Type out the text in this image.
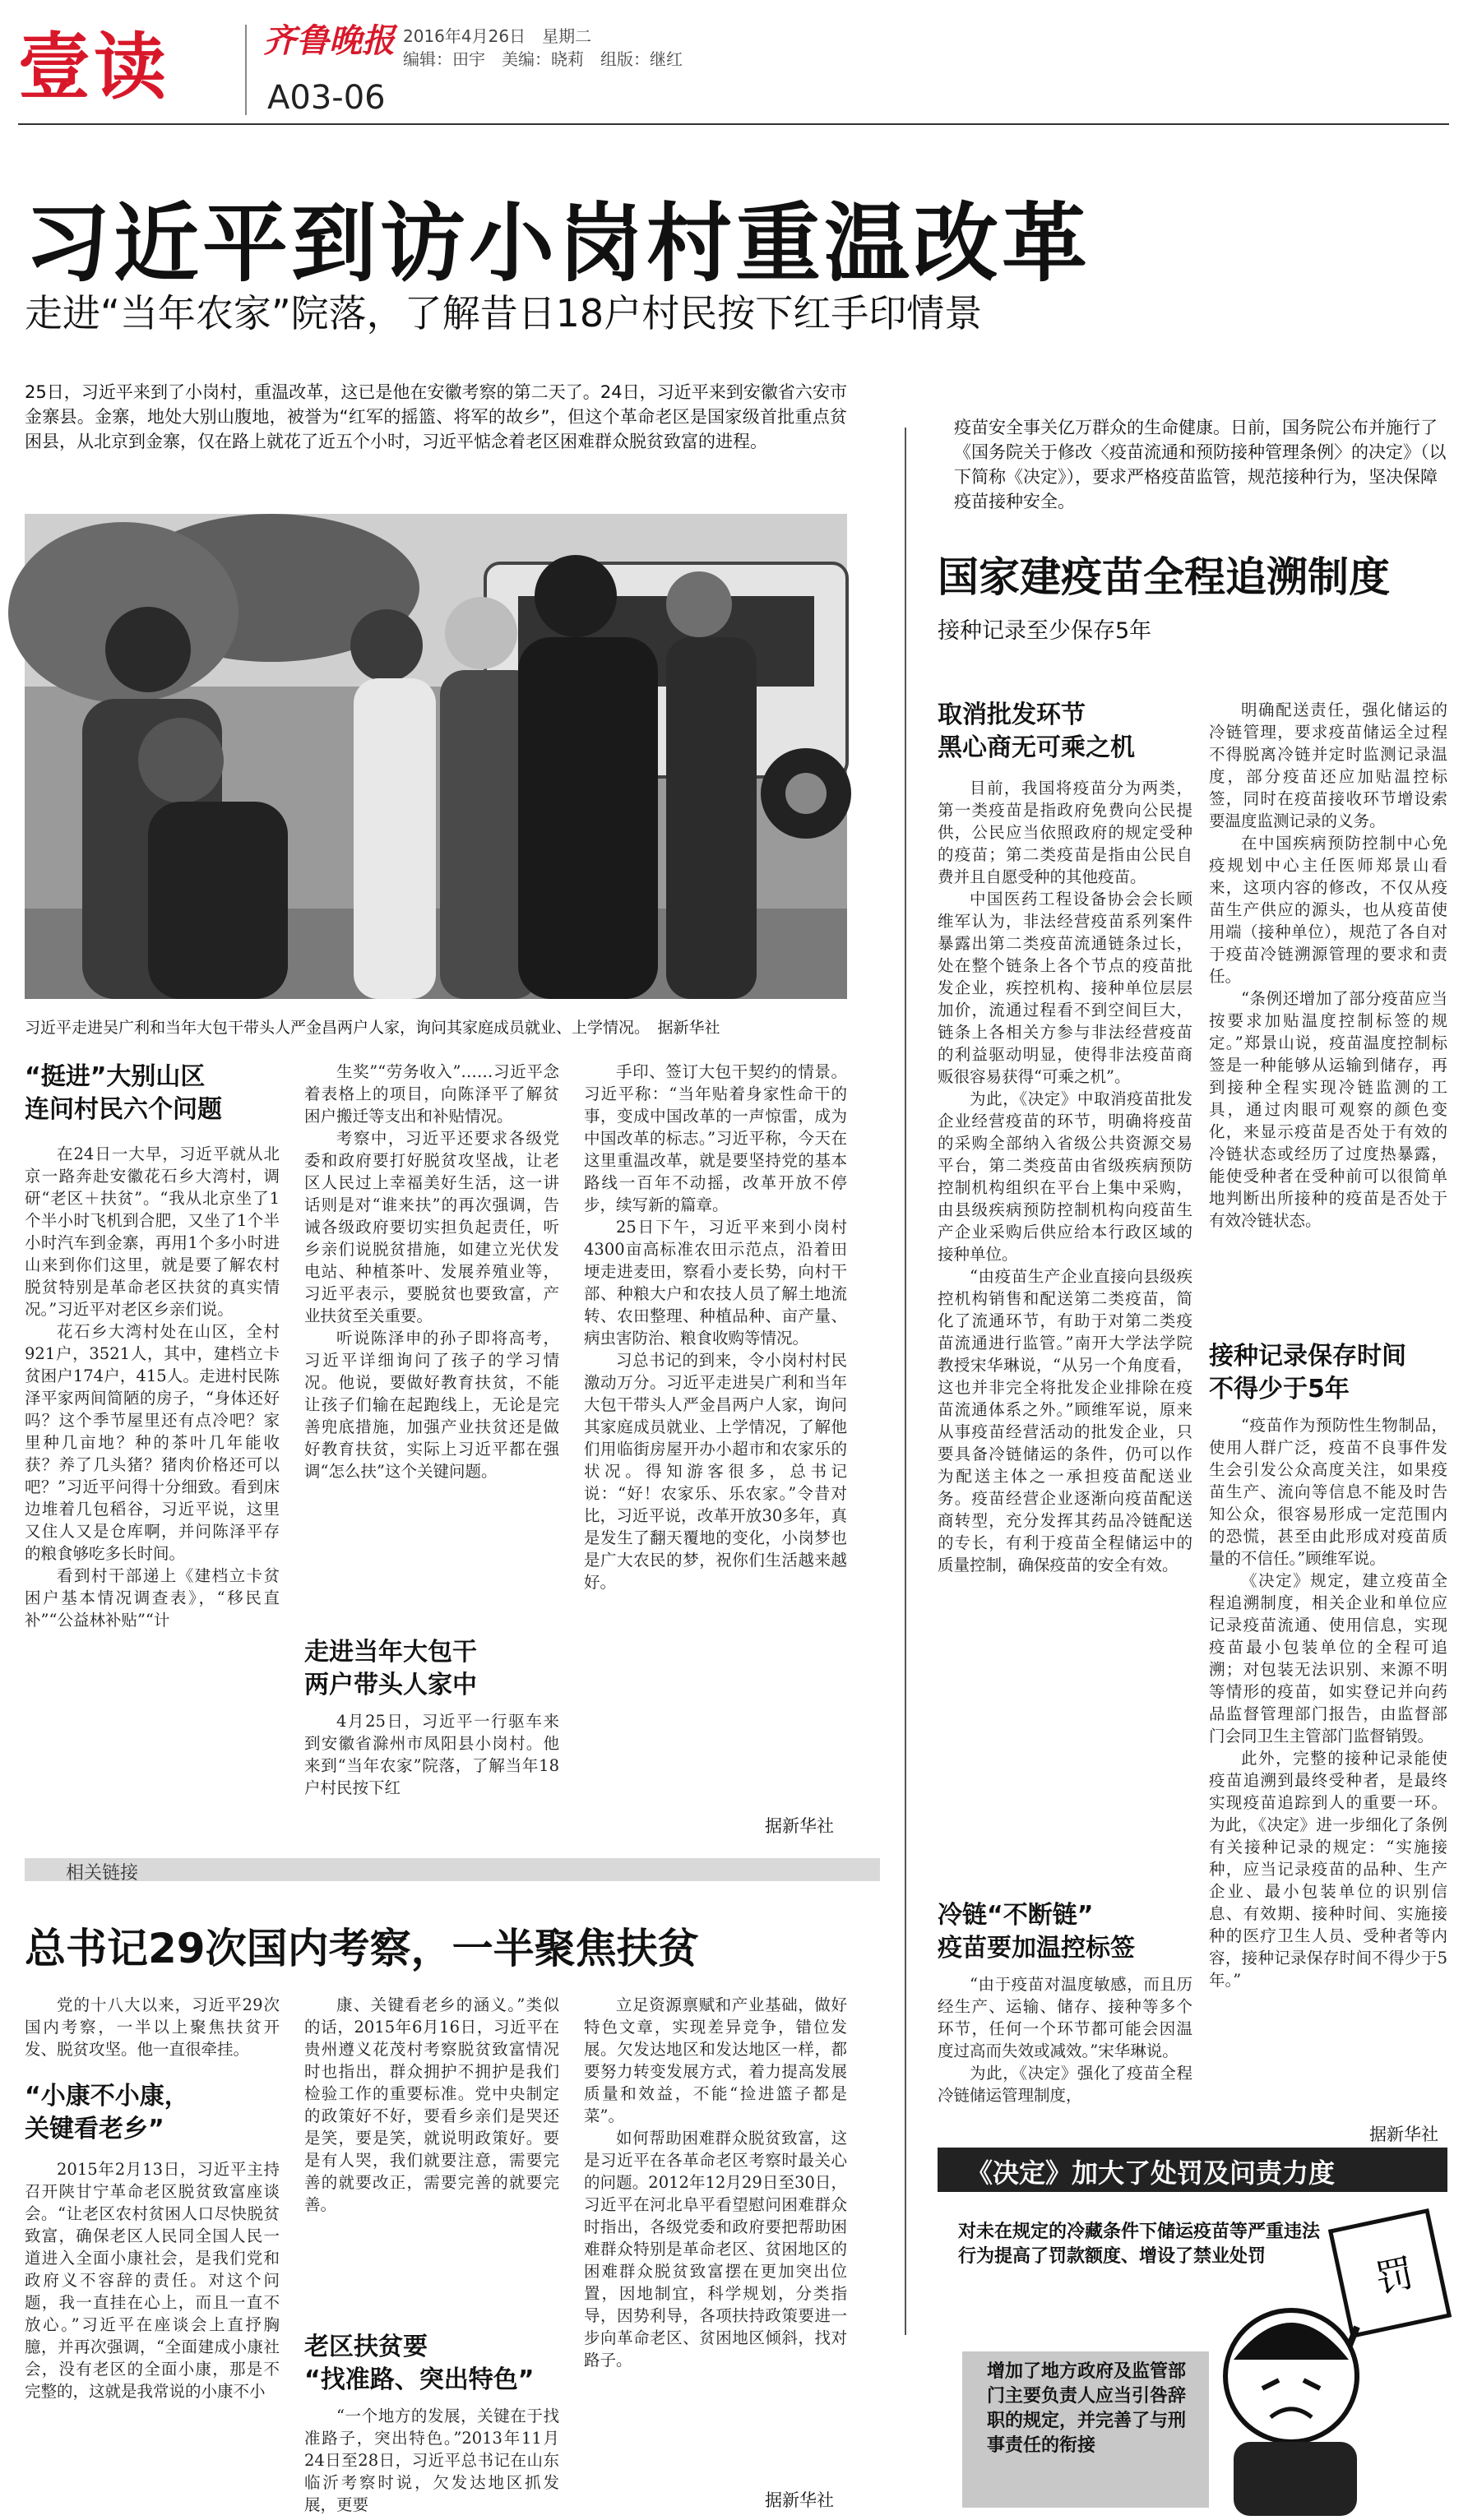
壹读	齐鲁晚报 2016年4月26日　星期二
编辑：田宇　美编：晓莉　组版：继红
A03-06
习近平到访小岗村重温改革
走进“当年农家”院落，了解昔日18户村民按下红手印情景
25日，习近平来到了小岗村，重温改革，这已是他在安徽考察的第二天了。24日，习近平来到安徽省六安市金寨县。金寨，地处大别山腹地，被誉为“红军的摇篮、将军的故乡”，但这个革命老区是国家级首批重点贫困县，从北京到金寨，仅在路上就花了近五个小时，习近平惦念着老区困难群众脱贫致富的进程。
习近平走进吴广利和当年大包干带头人严金昌两户人家，询问其家庭成员就业、上学情况。　据新华社
“挺进”大别山区
连问村民六个问题

在24日一大早，习近平就从北京一路奔赴安徽花石乡大湾村，调研“老区＋扶贫”。“我从北京坐了1个半小时飞机到合肥，又坐了1个半小时汽车到金寨，再用1个多小时进山来到你们这里，就是要了解农村脱贫特别是革命老区扶贫的真实情况。”习近平对老区乡亲们说。

花石乡大湾村处在山区，全村921户，3521人，其中，建档立卡贫困户174户，415人。走进村民陈泽平家两间简陋的房子，“身体还好吗？这个季节屋里还有点冷吧？家里种几亩地？种的茶叶几年能收获？养了几头猪？猪肉价格还可以吧？”习近平问得十分细致。看到床边堆着几包稻谷，习近平说，这里又住人又是仓库啊，并问陈泽平存的粮食够吃多长时间。

看到村干部递上《建档立卡贫困户基本情况调查表》，“移民直补”“公益林补贴”“计

生奖”“劳务收入”……习近平念着表格上的项目，向陈泽平了解贫困户搬迁等支出和补贴情况。

考察中，习近平还要求各级党委和政府要打好脱贫攻坚战，让老区人民过上幸福美好生活，这一讲话则是对“谁来扶”的再次强调，告诫各级政府要切实担负起责任，听乡亲们说脱贫措施，如建立光伏发电站、种植茶叶、发展养殖业等，习近平表示，要脱贫也要致富，产业扶贫至关重要。

听说陈泽申的孙子即将高考，习近平详细询问了孩子的学习情况。他说，要做好教育扶贫，不能让孩子们输在起跑线上，无论是完善兜底措施，加强产业扶贫还是做好教育扶贫，实际上习近平都在强调“怎么扶”这个关键问题。

走进当年大包干
两户带头人家中

4月25日，习近平一行驱车来到安徽省滁州市凤阳县小岗村。他来到“当年农家”院落，了解当年18户村民按下红

手印、签订大包干契约的情景。习近平称：“当年贴着身家性命干的事，变成中国改革的一声惊雷，成为中国改革的标志。”习近平称，今天在这里重温改革，就是要坚持党的基本路线一百年不动摇，改革开放不停步，续写新的篇章。

25日下午，习近平来到小岗村4300亩高标准农田示范点，沿着田埂走进麦田，察看小麦长势，向村干部、种粮大户和农技人员了解土地流转、农田整理、种植品种、亩产量、病虫害防治、粮食收购等情况。

习总书记的到来，令小岗村村民激动万分。习近平走进吴广利和当年大包干带头人严金昌两户人家，询问其家庭成员就业、上学情况，了解他们用临街房屋开办小超市和农家乐的状况。得知游客很多，总书记说：“好！农家乐、乐农家。”令昔对比，习近平说，改革开放30多年，真是发生了翻天覆地的变化，小岗梦也是广大农民的梦，祝你们生活越来越好。

据新华社
相关链接
总书记29次国内考察，一半聚焦扶贫

党的十八大以来，习近平29次国内考察，一半以上聚焦扶贫开发、脱贫攻坚。他一直很牵挂。

“小康不小康，
关键看老乡”

2015年2月13日，习近平主持召开陕甘宁革命老区脱贫致富座谈会。“让老区农村贫困人口尽快脱贫致富，确保老区人民同全国人民一道进入全面小康社会，是我们党和政府义不容辞的责任。对这个问题，我一直挂在心上，而且一直不放心。”习近平在座谈会上直抒胸臆，并再次强调，“全面建成小康社会，没有老区的全面小康，那是不完整的，这就是我常说的小康不小

康、关键看老乡的涵义。”类似的话，2015年6月16日，习近平在贵州遵义花茂村考察脱贫致富情况时也指出，群众拥护不拥护是我们检验工作的重要标准。党中央制定的政策好不好，要看乡亲们是哭还是笑，要是笑，就说明政策好。要是有人哭，我们就要注意，需要完善的就要改正，需要完善的就要完善。

老区扶贫要
“找准路、突出特色”

“一个地方的发展，关键在于找准路子，突出特色。”2013年11月24日至28日，习近平总书记在山东临沂考察时说，欠发达地区抓发展，更要

立足资源禀赋和产业基础，做好特色文章，实现差异竞争，错位发展。欠发达地区和发达地区一样，都要努力转变发展方式，着力提高发展质量和效益，不能“捡进篮子都是菜”。

如何帮助困难群众脱贫致富，这是习近平在各革命老区考察时最关心的问题。2012年12月29日至30日，习近平在河北阜平看望慰问困难群众时指出，各级党委和政府要把帮助困难群众特别是革命老区、贫困地区的困难群众脱贫致富摆在更加突出位置，因地制宜，科学规划，分类指导，因势利导，各项扶持政策要进一步向革命老区、贫困地区倾斜，找对路子。

据新华社
疫苗安全事关亿万群众的生命健康。日前，国务院公布并施行了《国务院关于修改〈疫苗流通和预防接种管理条例〉的决定》（以下简称《决定》），要求严格疫苗监管，规范接种行为，坚决保障疫苗接种安全。
国家建疫苗全程追溯制度
接种记录至少保存5年
取消批发环节
黑心商无可乘之机

目前，我国将疫苗分为两类，第一类疫苗是指政府免费向公民提供，公民应当依照政府的规定受种的疫苗；第二类疫苗是指由公民自费并且自愿受种的其他疫苗。

中国医药工程设备协会会长顾维军认为，非法经营疫苗系列案件暴露出第二类疫苗流通链条过长，处在整个链条上各个节点的疫苗批发企业，疾控机构、接种单位层层加价，流通过程看不到空间巨大，链条上各相关方参与非法经营疫苗的利益驱动明显，使得非法疫苗商贩很容易获得“可乘之机”。

为此，《决定》中取消疫苗批发企业经营疫苗的环节，明确将疫苗的采购全部纳入省级公共资源交易平台，第二类疫苗由省级疾病预防控制机构组织在平台上集中采购，由县级疾病预防控制机构向疫苗生产企业采购后供应给本行政区域的接种单位。

“由疫苗生产企业直接向县级疾控机构销售和配送第二类疫苗，简化了流通环节，有助于对第二类疫苗流通进行监管。”南开大学法学院教授宋华琳说，“从另一个角度看，这也并非完全将批发企业排除在疫苗流通体系之外。”顾维军说，原来从事疫苗经营活动的批发企业，只要具备冷链储运的条件，仍可以作为配送主体之一承担疫苗配送业务。疫苗经营企业逐渐向疫苗配送商转型，充分发挥其药品冷链配送的专长，有利于疫苗全程储运中的质量控制，确保疫苗的安全有效。

冷链“不断链”
疫苗要加温控标签

“由于疫苗对温度敏感，而且历经生产、运输、储存、接种等多个环节，任何一个环节都可能会因温度过高而失效或减效。”宋华琳说。

为此，《决定》强化了疫苗全程冷链储运管理制度，

明确配送责任，强化储运的冷链管理，要求疫苗储运全过程不得脱离冷链并定时监测记录温度，部分疫苗还应加贴温控标签，同时在疫苗接收环节增设索要温度监测记录的义务。

在中国疾病预防控制中心免疫规划中心主任医师郑景山看来，这项内容的修改，不仅从疫苗生产供应的源头，也从疫苗使用端（接种单位），规范了各自对于疫苗冷链溯源管理的要求和责任。

“条例还增加了部分疫苗应当按要求加贴温度控制标签的规定。”郑景山说，疫苗温度控制标签是一种能够从运输到储存，再到接种全程实现冷链监测的工具，通过肉眼可观察的颜色变化，来显示疫苗是否处于有效的冷链状态或经历了过度热暴露，能使受种者在受种前可以很简单地判断出所接种的疫苗是否处于有效冷链状态。

接种记录保存时间
不得少于5年

“疫苗作为预防性生物制品，使用人群广泛，疫苗不良事件发生会引发公众高度关注，如果疫苗生产、流向等信息不能及时告知公众，很容易形成一定范围内的恐慌，甚至由此形成对疫苗质量的不信任。”顾维军说。

《决定》规定，建立疫苗全程追溯制度，相关企业和单位应记录疫苗流通、使用信息，实现疫苗最小包装单位的全程可追溯；对包装无法识别、来源不明等情形的疫苗，如实登记并向药品监督管理部门报告，由监督部门会同卫生主管部门监督销毁。

此外，完整的接种记录能使疫苗追溯到最终受种者，是最终实现疫苗追踪到人的重要一环。为此，《决定》进一步细化了条例有关接种记录的规定：“实施接种，应当记录疫苗的品种、生产企业、最小包装单位的识别信息、有效期、接种时间、实施接种的医疗卫生人员、受种者等内容，接种记录保存时间不得少于5年。”

据新华社
《决定》加大了处罚及问责力度
对未在规定的冷藏条件下储运疫苗等严重违法行为提高了罚款额度、增设了禁业处罚
增加了地方政府及监管部门主要负责人应当引咎辞职的规定，并完善了与刑事责任的衔接
罚
